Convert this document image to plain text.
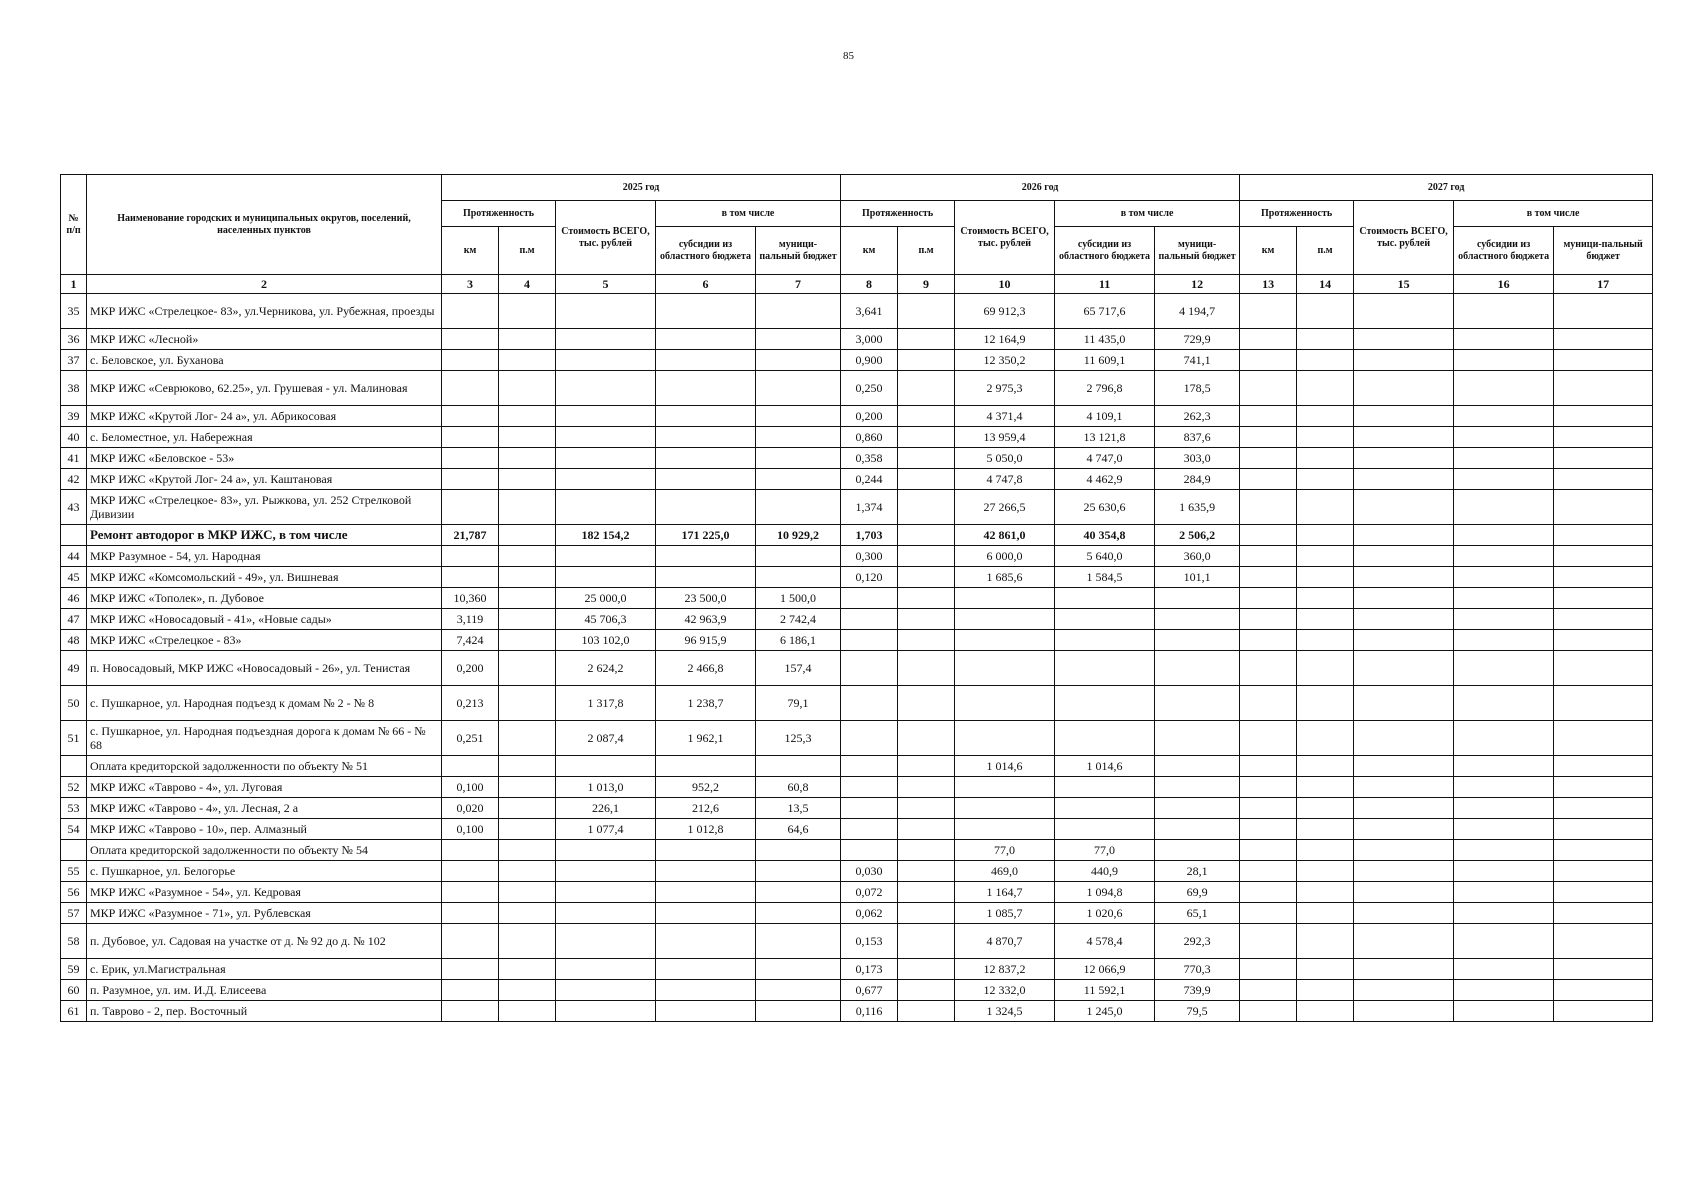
85
№ п/п	Наименование городских и муниципальных округов, поселений, населенных пунктов	2025 год					2026 год					2027 год				
		Протяженность		Стоимость ВСЕГО, тыс. рублей	в том числе		Протяженность		Стоимость ВСЕГО, тыс. рублей	в том числе		Протяженность		Стоимость ВСЕГО, тыс. рублей	в том числе	
		км	п.м		субсидии из областного бюджета	муници-пальный бюджет	км	п.м		субсидии из областного бюджета	муници-пальный бюджет	км	п.м		субсидии из областного бюджета	муници-пальный бюджет
1	2	3	4	5	6	7	8	9	10	11	12	13	14	15	16	17
35	МКР ИЖС «Стрелецкое- 83», ул.Черникова, ул. Рубежная, проезды						3,641		69 912,3	65 717,6	4 194,7					
36	МКР ИЖС «Лесной»						3,000		12 164,9	11 435,0	729,9					
37	с. Беловское, ул. Буханова						0,900		12 350,2	11 609,1	741,1					
38	МКР ИЖС «Севрюково, 62.25», ул. Грушевая - ул. Малиновая						0,250		2 975,3	2 796,8	178,5					
39	МКР ИЖС «Крутой Лог- 24 а», ул. Абрикосовая						0,200		4 371,4	4 109,1	262,3					
40	с. Беломестное, ул. Набережная						0,860		13 959,4	13 121,8	837,6					
41	МКР ИЖС «Беловское - 53»						0,358		5 050,0	4 747,0	303,0					
42	МКР ИЖС «Крутой Лог- 24 а», ул. Каштановая						0,244		4 747,8	4 462,9	284,9					
43	МКР ИЖС «Стрелецкое- 83», ул. Рыжкова, ул. 252 Стрелковой Дивизии						1,374		27 266,5	25 630,6	1 635,9					
	Ремонт автодорог в МКР ИЖС, в том числе	21,787		182 154,2	171 225,0	10 929,2	1,703		42 861,0	40 354,8	2 506,2					
44	МКР Разумное - 54, ул. Народная						0,300		6 000,0	5 640,0	360,0					
45	МКР ИЖС «Комсомольский - 49», ул. Вишневая						0,120		1 685,6	1 584,5	101,1					
46	МКР ИЖС «Тополек», п. Дубовое	10,360		25 000,0	23 500,0	1 500,0										
47	МКР ИЖС «Новосадовый - 41», «Новые сады»	3,119		45 706,3	42 963,9	2 742,4										
48	МКР ИЖС «Стрелецкое - 83»	7,424		103 102,0	96 915,9	6 186,1										
49	п. Новосадовый, МКР ИЖС «Новосадовый - 26», ул. Тенистая	0,200		2 624,2	2 466,8	157,4										
50	с. Пушкарное, ул. Народная подъезд к домам № 2 - № 8	0,213		1 317,8	1 238,7	79,1										
51	с. Пушкарное, ул. Народная подъездная дорога к домам № 66 - № 68	0,251		2 087,4	1 962,1	125,3										
	Оплата кредиторской задолженности по объекту № 51								1 014,6	1 014,6						
52	МКР ИЖС «Таврово - 4», ул. Луговая	0,100		1 013,0	952,2	60,8										
53	МКР ИЖС «Таврово - 4», ул. Лесная, 2 а	0,020		226,1	212,6	13,5										
54	МКР ИЖС «Таврово - 10», пер. Алмазный	0,100		1 077,4	1 012,8	64,6										
	Оплата кредиторской задолженности по объекту № 54								77,0	77,0						
55	с. Пушкарное, ул. Белогорье						0,030		469,0	440,9	28,1					
56	МКР ИЖС «Разумное - 54», ул. Кедровая						0,072		1 164,7	1 094,8	69,9					
57	МКР ИЖС «Разумное - 71», ул. Рублевская						0,062		1 085,7	1 020,6	65,1					
58	п. Дубовое, ул. Садовая на участке от д. № 92 до д. № 102						0,153		4 870,7	4 578,4	292,3					
59	с. Ерик, ул.Магистральная						0,173		12 837,2	12 066,9	770,3					
60	п. Разумное, ул. им. И.Д. Елисеева						0,677		12 332,0	11 592,1	739,9					
61	п. Таврово - 2, пер. Восточный						0,116		1 324,5	1 245,0	79,5					
